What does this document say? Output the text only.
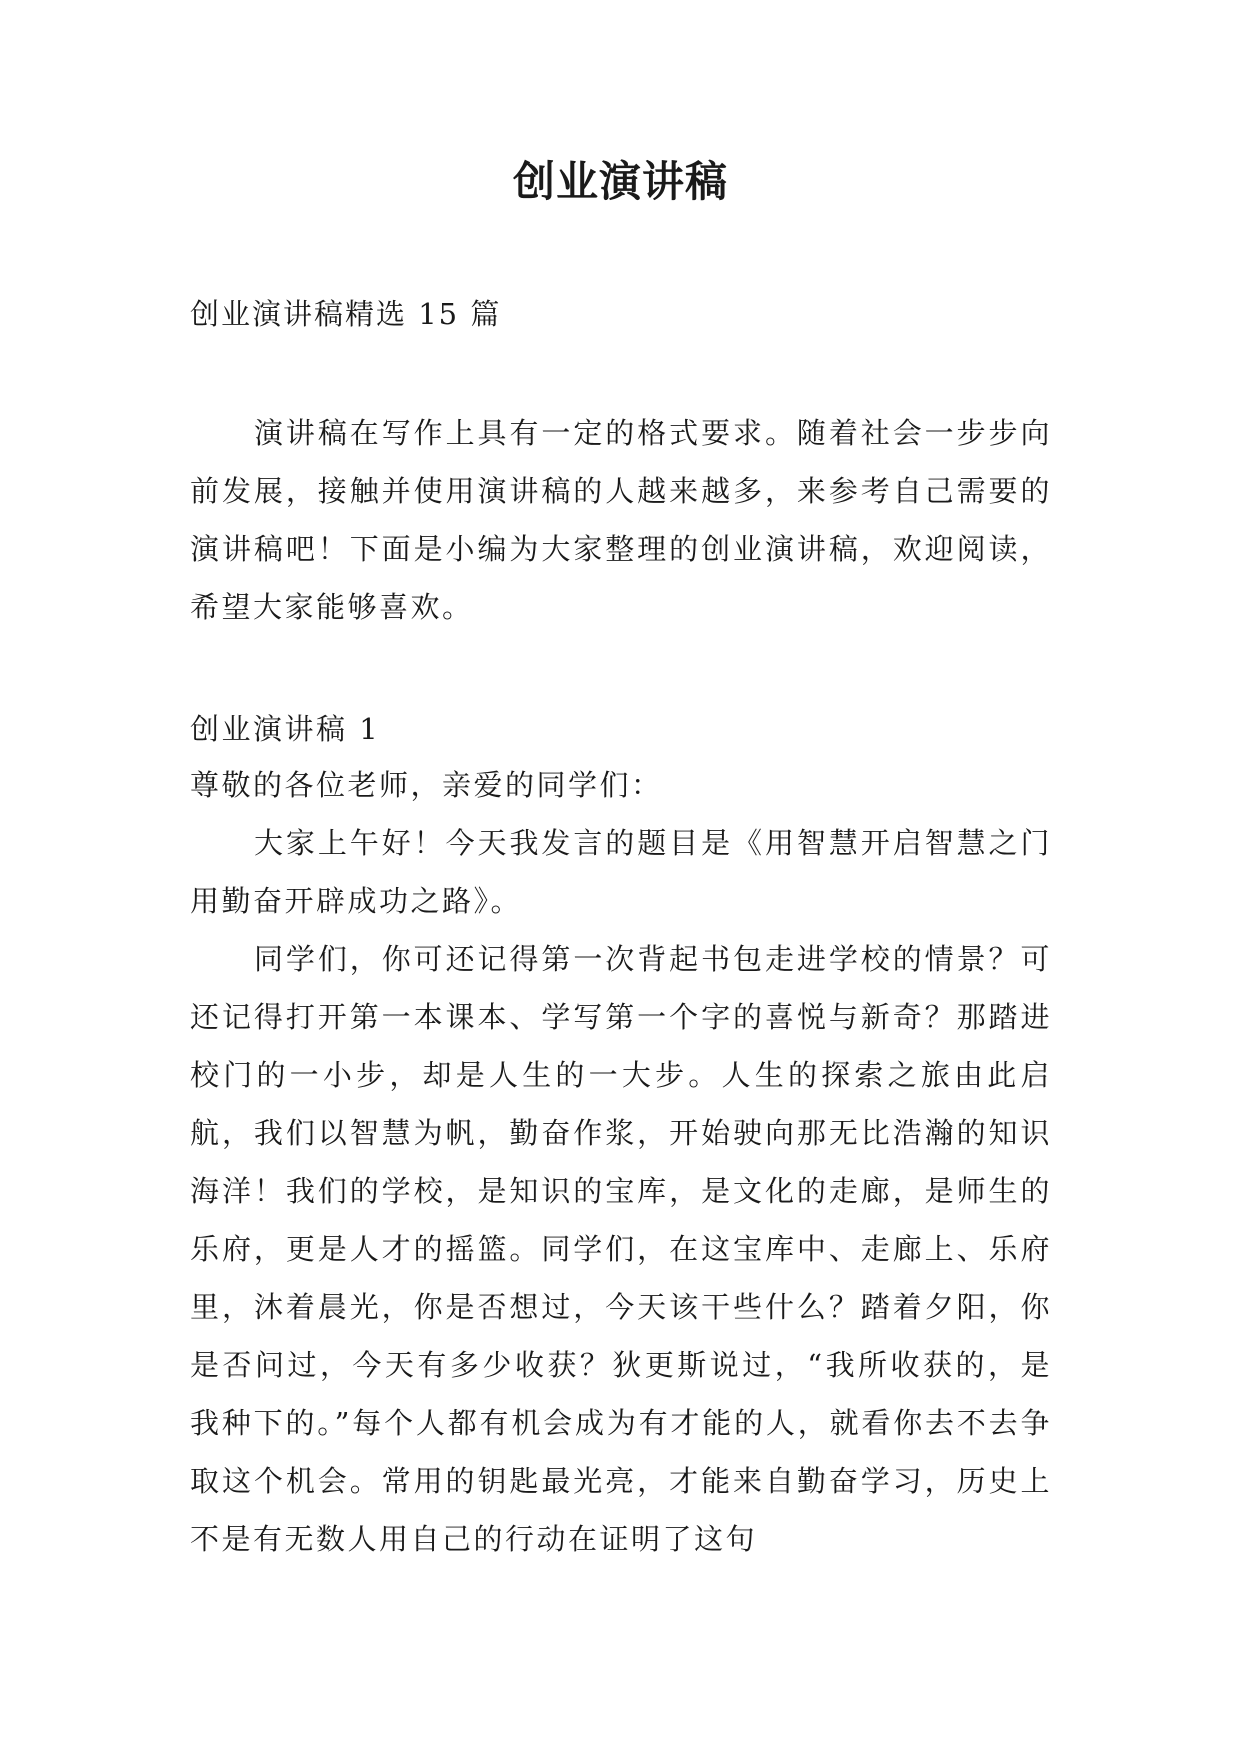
创业演讲稿
创业演讲稿精选 15 篇

演讲稿在写作上具有一定的格式要求。随着社会一步步向前发展，接触并使用演讲稿的人越来越多，来参考自己需要的演讲稿吧！下面是小编为大家整理的创业演讲稿，欢迎阅读，希望大家能够喜欢。

创业演讲稿 1

尊敬的各位老师，亲爱的同学们：

大家上午好！今天我发言的题目是《用智慧开启智慧之门用勤奋开辟成功之路》。

同学们，你可还记得第一次背起书包走进学校的情景？可还记得打开第一本课本、学写第一个字的喜悦与新奇？那踏进校门的一小步，却是人生的一大步。人生的探索之旅由此启航，我们以智慧为帆，勤奋作浆，开始驶向那无比浩瀚的知识海洋！我们的学校，是知识的宝库，是文化的走廊，是师生的乐府，更是人才的摇篮。同学们，在这宝库中、走廊上、乐府里，沐着晨光，你是否想过，今天该干些什么？踏着夕阳，你是否问过，今天有多少收获？狄更斯说过，“我所收获的，是我种下的。”每个人都有机会成为有才能的人，就看你去不去争取这个机会。常用的钥匙最光亮，才能来自勤奋学习，历史上不是有无数人用自己的行动在证明了这句
